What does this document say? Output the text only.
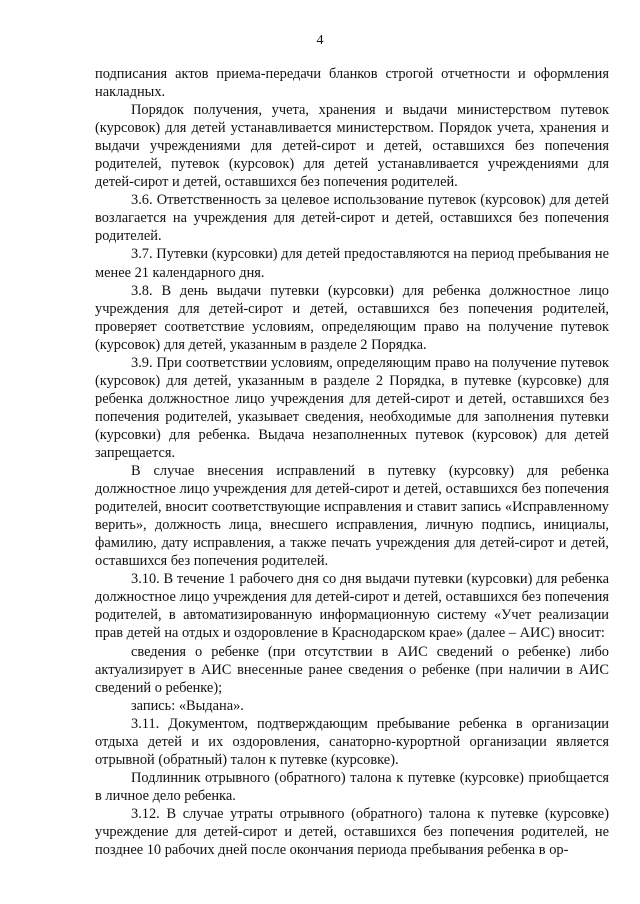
4

подписания актов приема-передачи бланков строгой отчетности и оформления накладных.

Порядок получения, учета, хранения и выдачи министерством путевок (курсовок) для детей устанавливается министерством. Порядок учета, хранения и выдачи учреждениями для детей-сирот и детей, оставшихся без попечения родителей, путевок (курсовок) для детей устанавливается учреждениями для детей-сирот и детей, оставшихся без попечения родителей.

3.6. Ответственность за целевое использование путевок (курсовок) для детей возлагается на учреждения для детей-сирот и детей, оставшихся без попечения родителей.

3.7. Путевки (курсовки) для детей предоставляются на период пребывания не менее 21 календарного дня.

3.8. В день выдачи путевки (курсовки) для ребенка должностное лицо учреждения для детей-сирот и детей, оставшихся без попечения родителей, проверяет соответствие условиям, определяющим право на получение путевок (курсовок) для детей, указанным в разделе 2 Порядка.

3.9. При соответствии условиям, определяющим право на получение путевок (курсовок) для детей, указанным в разделе 2 Порядка, в путевке (курсовке) для ребенка должностное лицо учреждения для детей-сирот и детей, оставшихся без попечения родителей, указывает сведения, необходимые для заполнения путевки (курсовки) для ребенка. Выдача незаполненных путевок (курсовок) для детей запрещается.

В случае внесения исправлений в путевку (курсовку) для ребенка должностное лицо учреждения для детей-сирот и детей, оставшихся без попечения родителей, вносит соответствующие исправления и ставит запись «Исправленному верить», должность лица, внесшего исправления, личную подпись, инициалы, фамилию, дату исправления, а также печать учреждения для детей-сирот и детей, оставшихся без попечения родителей.

3.10. В течение 1 рабочего дня со дня выдачи путевки (курсовки) для ребенка должностное лицо учреждения для детей-сирот и детей, оставшихся без попечения родителей, в автоматизированную информационную систему «Учет реализации прав детей на отдых и оздоровление в Краснодарском крае» (далее – АИС) вносит:

сведения о ребенке (при отсутствии в АИС сведений о ребенке) либо актуализирует в АИС внесенные ранее сведения о ребенке (при наличии в АИС сведений о ребенке);

запись: «Выдана».

3.11. Документом, подтверждающим пребывание ребенка в организации отдыха детей и их оздоровления, санаторно-курортной организации является отрывной (обратный) талон к путевке (курсовке).

Подлинник отрывного (обратного) талона к путевке (курсовке) приобщается в личное дело ребенка.

3.12. В случае утраты отрывного (обратного) талона к путевке (курсовке) учреждение для детей-сирот и детей, оставшихся без попечения родителей, не позднее 10 рабочих дней после окончания периода пребывания ребенка в ор-
